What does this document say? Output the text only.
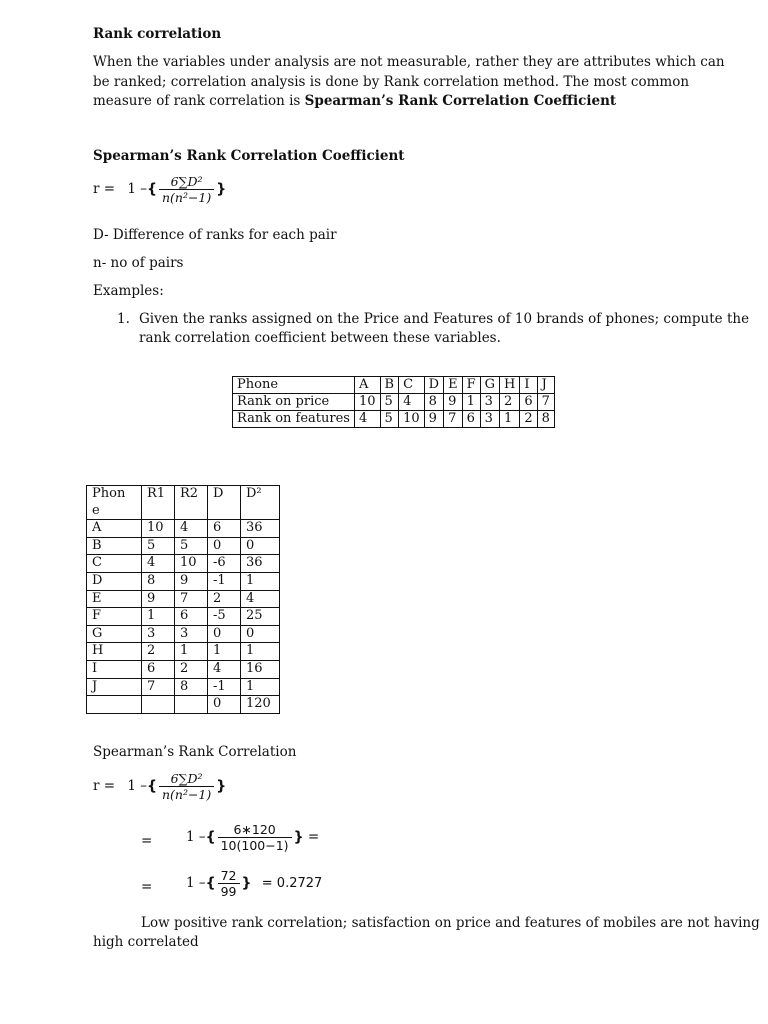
Rank correlation
When the variables under analysis are not measurable, rather they are attributes which can be ranked; correlation analysis is done by Rank correlation method. The most common measure of rank correlation is Spearman’s Rank Correlation Coefficient
Spearman’s Rank Correlation Coefficient
r = 1 –{ $\frac{\text{6∑D²}}{\text{n(n²−1)}}$ }
D- Difference of ranks for each pair
n- no of pairs
Examples:
1. Given the ranks assigned on the Price and Features of 10 brands of phones; compute the
rank correlation coefficient between these variables.
Phone	A	B	C	D	E	F	G	H	I	J
Rank on price	10	5	4	8	9	1	3	2	6	7
Rank on features	4	5	10	9	7	6	3	1	2	8
Phon
e	R1	R2	D	D²
A	10	4	6	36
B	5	5	0	0
C	4	10	-6	36
D	8	9	-1	1
E	9	7	2	4
F	1	6	-5	25
G	3	3	0	0
H	2	1	1	1
I	6	2	4	16
J	7	8	-1	1
			0	120
Spearman’s Rank Correlation
r = 1 –{ $\frac{\text{6∑D²}}{\text{n(n²−1)}}$ }
= 1 –{ $\frac{6∗120}{10(100-1)}$ } =
= 1 –{ $\frac{72}{99}$ } = 0.2727
Low positive rank correlation; satisfaction on price and features of mobiles are not having
high correlated
